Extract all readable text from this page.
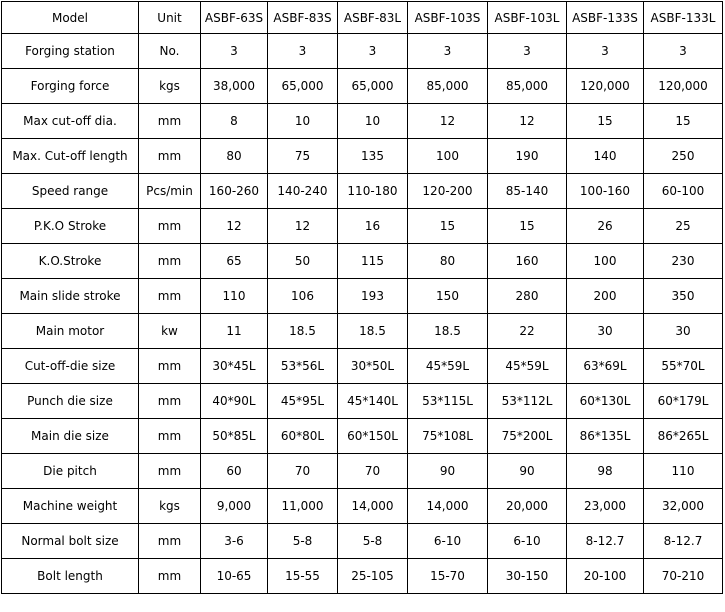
Model	Unit	ASBF-63S	ASBF-83S	ASBF-83L	ASBF-103S	ASBF-103L	ASBF-133S	ASBF-133L
Forging station	No.	3	3	3	3	3	3	3
Forging force	kgs	38,000	65,000	65,000	85,000	85,000	120,000	120,000
Max cut-off dia.	mm	8	10	10	12	12	15	15
Max. Cut-off length	mm	80	75	135	100	190	140	250
Speed range	Pcs/min	160-260	140-240	110-180	120-200	85-140	100-160	60-100
P.K.O Stroke	mm	12	12	16	15	15	26	25
K.O.Stroke	mm	65	50	115	80	160	100	230
Main slide stroke	mm	110	106	193	150	280	200	350
Main motor	kw	11	18.5	18.5	18.5	22	30	30
Cut-off-die size	mm	30*45L	53*56L	30*50L	45*59L	45*59L	63*69L	55*70L
Punch die size	mm	40*90L	45*95L	45*140L	53*115L	53*112L	60*130L	60*179L
Main die size	mm	50*85L	60*80L	60*150L	75*108L	75*200L	86*135L	86*265L
Die pitch	mm	60	70	70	90	90	98	110
Machine weight	kgs	9,000	11,000	14,000	14,000	20,000	23,000	32,000
Normal bolt size	mm	3-6	5-8	5-8	6-10	6-10	8-12.7	8-12.7
Bolt length	mm	10-65	15-55	25-105	15-70	30-150	20-100	70-210
